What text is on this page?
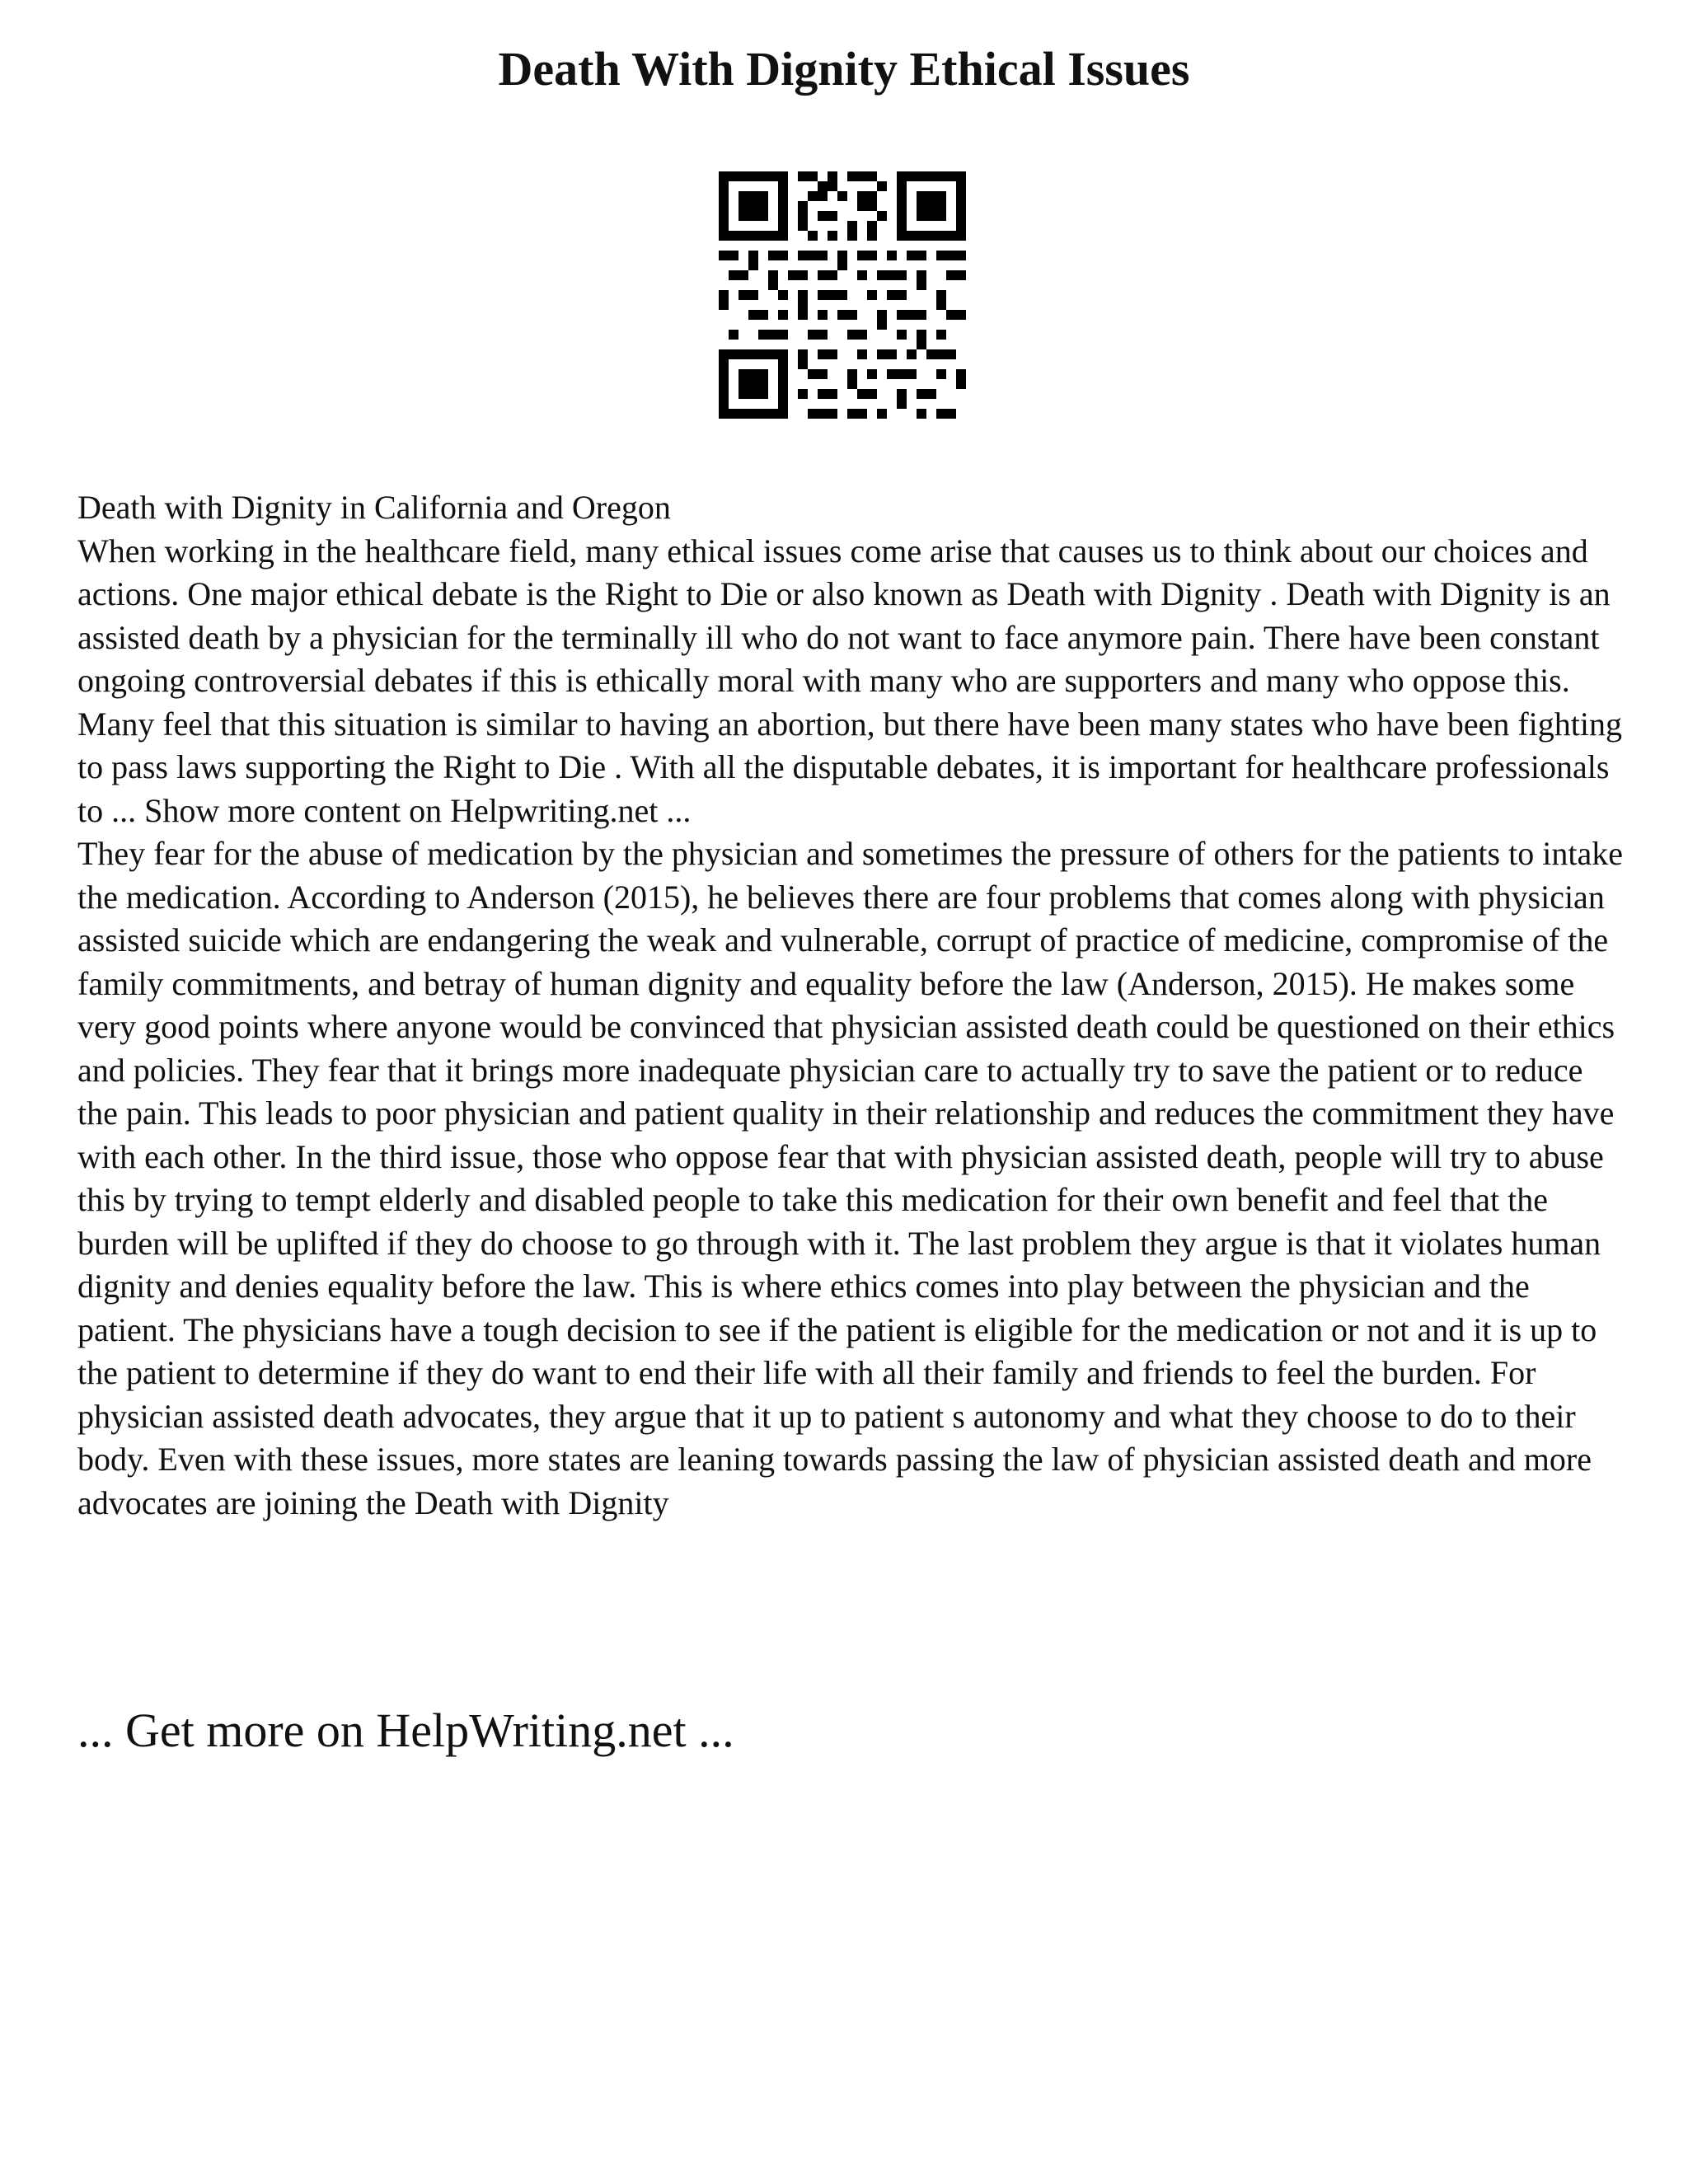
Death With Dignity Ethical Issues

Death with Dignity in California and Oregon

When working in the healthcare field, many ethical issues come arise that causes us to think about our choices and actions. One major ethical debate is the Right to Die or also known as Death with Dignity . Death with Dignity is an assisted death by a physician for the terminally ill who do not want to face anymore pain. There have been constant ongoing controversial debates if this is ethically moral with many who are supporters and many who oppose this. Many feel that this situation is similar to having an abortion, but there have been many states who have been fighting to pass laws supporting the Right to Die . With all the disputable debates, it is important for healthcare professionals to ... Show more content on Helpwriting.net ...

They fear for the abuse of medication by the physician and sometimes the pressure of others for the patients to intake the medication. According to Anderson (2015), he believes there are four problems that comes along with physician assisted suicide which are endangering the weak and vulnerable, corrupt of practice of medicine, compromise of the family commitments, and betray of human dignity and equality before the law (Anderson, 2015). He makes some very good points where anyone would be convinced that physician assisted death could be questioned on their ethics and policies. They fear that it brings more inadequate physician care to actually try to save the patient or to reduce the pain. This leads to poor physician and patient quality in their relationship and reduces the commitment they have with each other. In the third issue, those who oppose fear that with physician assisted death, people will try to abuse this by trying to tempt elderly and disabled people to take this medication for their own benefit and feel that the burden will be uplifted if they do choose to go through with it. The last problem they argue is that it violates human dignity and denies equality before the law. This is where ethics comes into play between the physician and the patient. The physicians have a tough decision to see if the patient is eligible for the medication or not and it is up to the patient to determine if they do want to end their life with all their family and friends to feel the burden. For physician assisted death advocates, they argue that it up to patient s autonomy and what they choose to do to their body. Even with these issues, more states are leaning towards passing the law of physician assisted death and more advocates are joining the Death with Dignity

... Get more on HelpWriting.net ...
